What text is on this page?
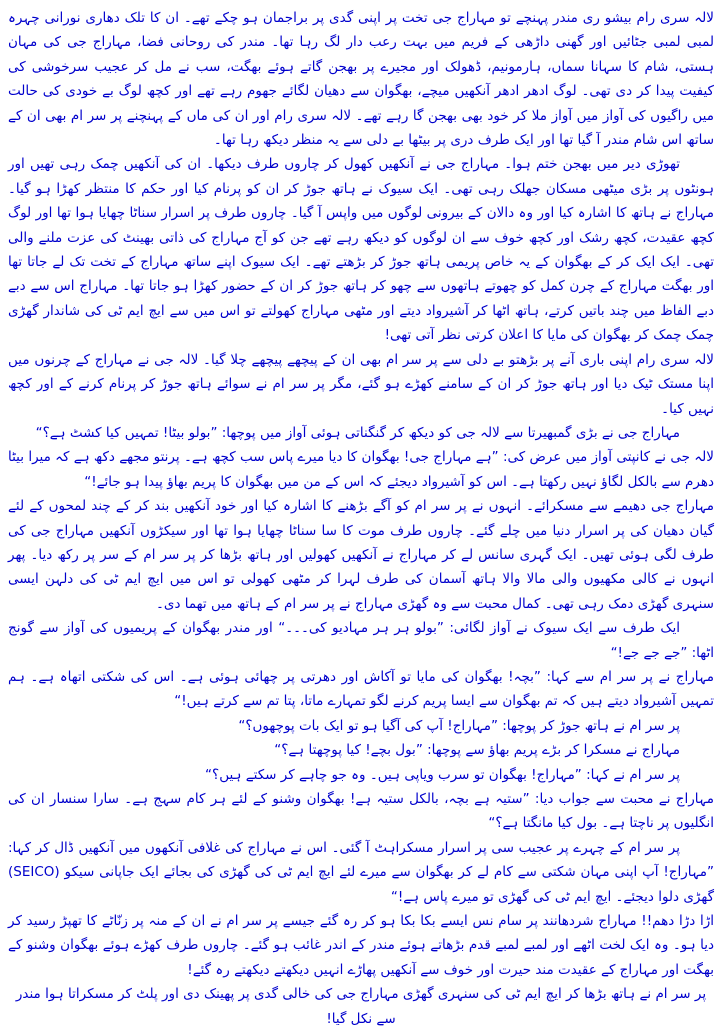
لالہ سری رام بیشو ری مندر پہنچے تو مہاراج جی تخت پر اپنی گدی پر براجمان ہو چکے تھے۔ ان کا تلک دھاری نورانی چہرہ لمبی لمبی جٹائیں اور گھنی داڑھی کے فریم میں بہت رعب دار لگ رہا تھا۔ مندر کی روحانی فضا، مہاراج جی کی مہان ہستی، شام کا سہانا سماں، ہارمونیم، ڈھولک اور مجیرے پر بھجن گاتے ہوئے بھگت، سب نے مل کر عجیب سرخوشی کی کیفیت پیدا کر دی تھی۔ لوگ ادھر ادھر آنکھیں میچے، بھگوان سے دھیان لگائے جھوم رہے تھے اور کچھ لوگ بے خودی کی حالت میں راگیوں کی آواز میں آواز ملا کر خود بھی بھجن گا رہے تھے۔ لالہ سری رام اور ان کی ماں کے پہنچنے پر سر ام بھی ان کے ساتھ اس شام مندر آ گیا تھا اور ایک طرف دری پر بیٹھا بے دلی سے یہ منظر دیکھ رہا تھا۔

تھوڑی دیر میں بھجن ختم ہوا۔ مہاراج جی نے آنکھیں کھول کر چاروں طرف دیکھا۔ ان کی آنکھیں چمک رہی تھیں اور ہونٹوں پر بڑی میٹھی مسکان جھلک رہی تھی۔ ایک سیوک نے ہاتھ جوڑ کر ان کو پرنام کیا اور حکم کا منتظر کھڑا ہو گیا۔ مہاراج نے ہاتھ کا اشارہ کیا اور وہ دالان کے بیرونی لوگوں میں واپس آ گیا۔ چاروں طرف پر اسرار سناٹا چھایا ہوا تھا اور لوگ کچھ عقیدت، کچھ رشک اور کچھ خوف سے ان لوگوں کو دیکھ رہے تھے جن کو آج مہاراج کی ذاتی بھینٹ کی عزت ملنے والی تھی۔ ایک ایک کر کے بھگوان کے یہ خاص پریمی ہاتھ جوڑ کر بڑھتے تھے۔ ایک سیوک اپنے ساتھ مہاراج کے تخت تک لے جاتا تھا اور بھگت مہاراج کے چرن کمل کو چھوتے ہاتھوں سے چھو کر ہاتھ جوڑ کر ان کے حضور کھڑا ہو جاتا تھا۔ مہاراج اس سے دبے دبے الفاظ میں چند باتیں کرتے، ہاتھ اٹھا کر آشیرواد دیتے اور مٹھی مہاراج کھولتے تو اس میں سے ایچ ایم ٹی کی شاندار گھڑی چمک چمک کر بھگوان کی مایا کا اعلان کرتی نظر آتی تھی!

لالہ سری رام اپنی باری آنے پر بڑھتو بے دلی سے پر سر ام بھی ان کے پیچھے پیچھے چلا گیا۔ لالہ جی نے مہاراج کے چرنوں میں اپنا مستک ٹیک دیا اور ہاتھ جوڑ کر ان کے سامنے کھڑے ہو گئے، مگر پر سر ام نے سوائے ہاتھ جوڑ کر پرنام کرنے کے اور کچھ نہیں کیا۔

مہاراج جی نے بڑی گمبھیرتا سے لالہ جی کو دیکھ کر گنگناتی ہوئی آواز میں پوچھا: ”بولو بیٹا! تمہیں کیا کشٹ ہے؟“

لالہ جی نے کانپتی آواز میں عرض کی: ”ہے مہاراج جی! بھگوان کا دیا میرے پاس سب کچھ ہے۔ پرنتو مجھے دکھ ہے کہ میرا بیٹا دھرم سے بالکل لگاؤ نہیں رکھتا ہے۔ اس کو آشیرواد دیجئے کہ اس کے من میں بھگوان کا پریم بھاؤ پیدا ہو جائے!“

مہاراج جی دھیمے سے مسکرائے۔ انہوں نے پر سر ام کو آگے بڑھنے کا اشارہ کیا اور خود آنکھیں بند کر کے چند لمحوں کے لئے گیان دھیان کی پر اسرار دنیا میں چلے گئے۔ چاروں طرف موت کا سا سناٹا چھایا ہوا تھا اور سیکڑوں آنکھیں مہاراج جی کی طرف لگی ہوئی تھیں۔ ایک گہری سانس لے کر مہاراج نے آنکھیں کھولیں اور ہاتھ بڑھا کر پر سر ام کے سر پر رکھ دیا۔ پھر انہوں نے کالی مکھیوں والی مالا والا ہاتھ آسمان کی طرف لہرا کر مٹھی کھولی تو اس میں ایچ ایم ٹی کی دلہن ایسی سنہری گھڑی دمک رہی تھی۔ کمال محبت سے وہ گھڑی مہاراج نے پر سر ام کے ہاتھ میں تھما دی۔

ایک طرف سے ایک سیوک نے آواز لگائی: ”بولو ہر ہر مہادیو کی۔۔۔“ اور مندر بھگوان کے پریمیوں کی آواز سے گونج اٹھا: ”جے جے جے!“

مہاراج نے پر سر ام سے کہا: ”بچہ! بھگوان کی مایا تو آکاش اور دھرتی پر چھائی ہوئی ہے۔ اس کی شکتی اتھاہ ہے۔ ہم تمہیں آشیرواد دیتے ہیں کہ تم بھگوان سے ایسا پریم کرنے لگو تمہارے ماتا، پتا تم سے کرتے ہیں!“

پر سر ام نے ہاتھ جوڑ کر پوچھا: ”مہاراج! آپ کی آگیا ہو تو ایک بات پوچھوں؟“

مہاراج نے مسکرا کر بڑے پریم بھاؤ سے پوچھا: ”بول بچے! کیا پوچھتا ہے؟“

پر سر ام نے کہا: ”مہاراج! بھگوان تو سرب ویاپی ہیں۔ وہ جو چاہے کر سکتے ہیں؟“

مہاراج نے محبت سے جواب دیا: ”ستیہ ہے بچہ، بالکل ستیہ ہے! بھگوان وشنو کے لئے ہر کام سہج ہے۔ سارا سنسار ان کی انگلیوں پر ناچتا ہے۔ بول کیا مانگتا ہے؟“

پر سر ام کے چہرے پر عجیب سی پر اسرار مسکراہٹ آ گئی۔ اس نے مہاراج کی غلافی آنکھوں میں آنکھیں ڈال کر کہا: ”مہاراج! آپ اپنی مہان شکتی سے کام لے کر بھگوان سے میرے لئے ایچ ایم ٹی کی گھڑی کی بجائے ایک جاپانی سیکو (SEICO) گھڑی دلوا دیجئے۔ ایچ ایم ٹی کی گھڑی تو میرے پاس ہے!“

اڑا دڑا دھم!! مہاراج شردھانند پر سام نس ایسے بکا بکا ہو کر رہ گئے جیسے پر سر ام نے ان کے منہ پر زنّاٹے کا تھپڑ رسید کر دیا ہو۔ وہ ایک لخت اٹھے اور لمبے لمبے قدم بڑھاتے ہوئے مندر کے اندر غائب ہو گئے۔ چاروں طرف کھڑے ہوئے بھگوان وشنو کے بھگت اور مہاراج کے عقیدت مند حیرت اور خوف سے آنکھیں پھاڑے انہیں دیکھتے دیکھتے رہ گئے!

پر سر ام نے ہاتھ بڑھا کر ایچ ایم ٹی کی سنہری گھڑی مہاراج جی کی خالی گدی پر پھینک دی اور پلٹ کر مسکراتا ہوا مندر سے نکل گیا!
